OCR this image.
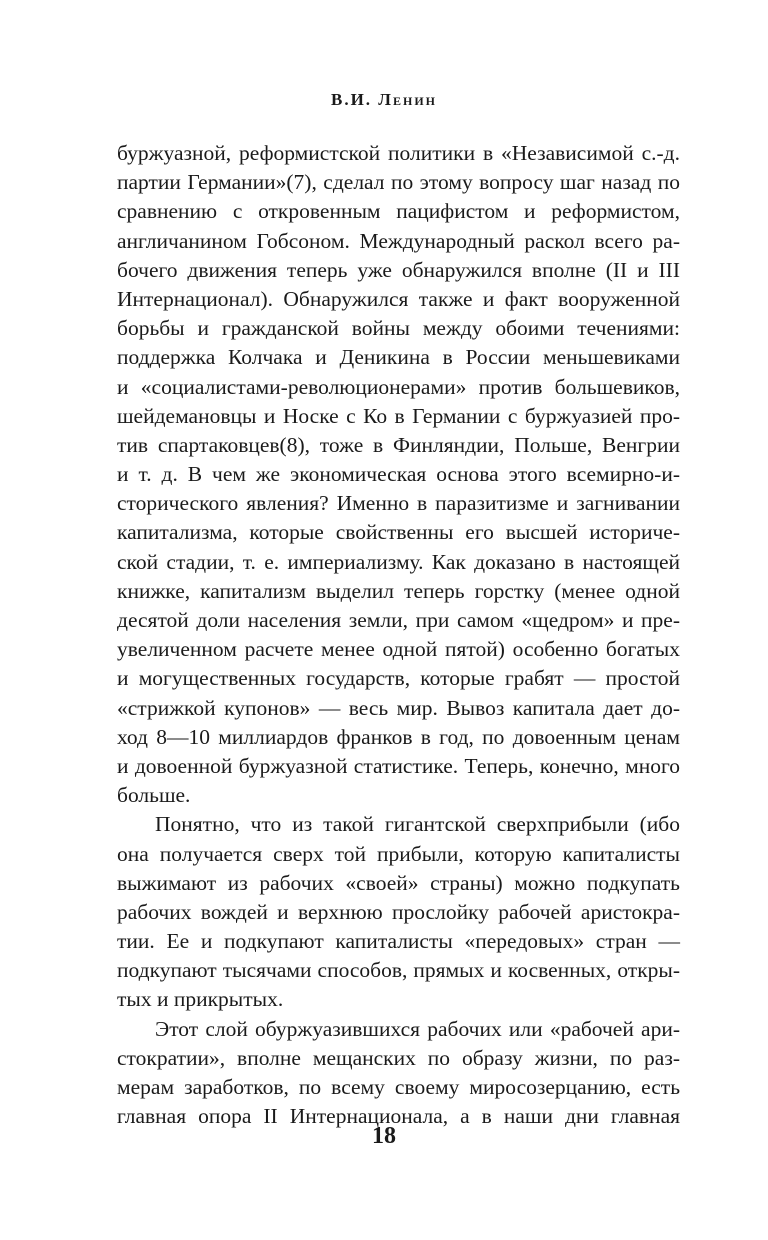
В.И. Ленин
буржуазной, реформистской политики в «Независимой с.-д.
партии Германии»(7), сделал по этому вопросу шаг назад по
сравнению с откровенным пацифистом и реформистом,
англичанином Гобсоном. Международный раскол всего ра-
бочего движения теперь уже обнаружился вполне (II и III
Интернационал). Обнаружился также и факт вооруженной
борьбы и гражданской войны между обоими течениями:
поддержка Колчака и Деникина в России меньшевиками
и «социалистами-революционерами» против большевиков,
шейдемановцы и Носке с Ко в Германии с буржуазией про-
тив спартаковцев(8), тоже в Финляндии, Польше, Венгрии
и т. д. В чем же экономическая основа этого всемирно-и-
сторического явления? Именно в паразитизме и загнивании
капитализма, которые свойственны его высшей историче-
ской стадии, т. е. империализму. Как доказано в настоящей
книжке, капитализм выделил теперь горстку (менее одной
десятой доли населения земли, при самом «щедром» и пре-
увеличенном расчете менее одной пятой) особенно богатых
и могущественных государств, которые грабят — простой
«стрижкой купонов» — весь мир. Вывоз капитала дает до-
ход 8—10 миллиардов франков в год, по довоенным ценам
и довоенной буржуазной статистике. Теперь, конечно, много
больше.
Понятно, что из такой гигантской сверхприбыли (ибо
она получается сверх той прибыли, которую капиталисты
выжимают из рабочих «своей» страны) можно подкупать
рабочих вождей и верхнюю прослойку рабочей аристокра-
тии. Ее и подкупают капиталисты «передовых» стран —
подкупают тысячами способов, прямых и косвенных, откры-
тых и прикрытых.
Этот слой обуржуазившихся рабочих или «рабочей ари-
стократии», вполне мещанских по образу жизни, по раз-
мерам заработков, по всему своему миросозерцанию, есть
главная опора II Интернационала, а в наши дни главная
18
